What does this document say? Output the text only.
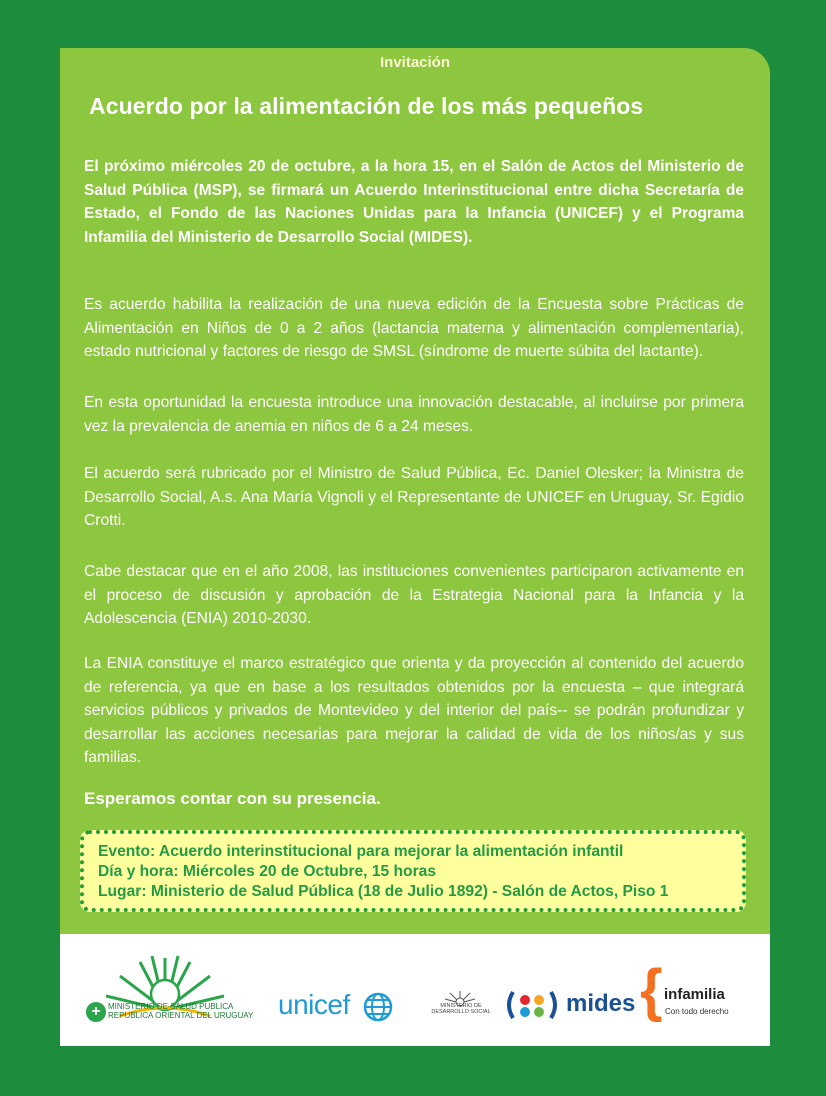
Invitación
Acuerdo por la alimentación de los más pequeños
El próximo miércoles 20 de octubre, a la hora 15, en el Salón de Actos del Ministerio de Salud Pública (MSP), se firmará un Acuerdo Interinstitucional entre dicha Secretaría de Estado, el Fondo de las Naciones Unidas para la Infancia (UNICEF) y el Programa Infamilia del Ministerio de Desarrollo Social (MIDES).
Es acuerdo habilita la realización de una nueva edición de la Encuesta sobre Prácticas de Alimentación en Niños de 0 a 2 años (lactancia materna y alimentación complementaria), estado nutricional y factores de riesgo de SMSL (síndrome de muerte súbita del lactante).
En esta oportunidad la encuesta introduce una innovación destacable, al incluirse por primera vez la prevalencia de anemia en niños de 6 a 24 meses.
El acuerdo será rubricado por el Ministro de Salud Pública, Ec. Daniel Olesker; la Ministra de Desarrollo Social, A.s. Ana María Vignoli y el Representante de UNICEF en Uruguay, Sr. Egidio Crotti.
Cabe destacar que en el año 2008, las instituciones convenientes participaron activamente en el proceso de discusión y aprobación de la Estrategia Nacional para la Infancia y la Adolescencia (ENIA) 2010-2030.
La ENIA constituye el marco estratégico que orienta y da proyección al contenido del acuerdo de referencia, ya que en base a los resultados obtenidos por la encuesta – que integrará servicios públicos y privados de Montevideo y del interior del país-- se podrán profundizar y desarrollar las acciones necesarias para mejorar la calidad de vida de los niños/as y sus familias.
Esperamos contar con su presencia.
Evento: Acuerdo interinstitucional para mejorar la alimentación infantil
Día y hora: Miércoles 20 de Octubre, 15 horas
Lugar: Ministerio de Salud Pública (18 de Julio 1892) - Salón de Actos, Piso 1
+ MINISTERIO DE SALUD PUBLICA
REPUBLICA ORIENTAL DEL URUGUAY unicef	MINISTERIO DE
DESARROLLO SOCIAL	mides { infamilia
Con todo derecho
